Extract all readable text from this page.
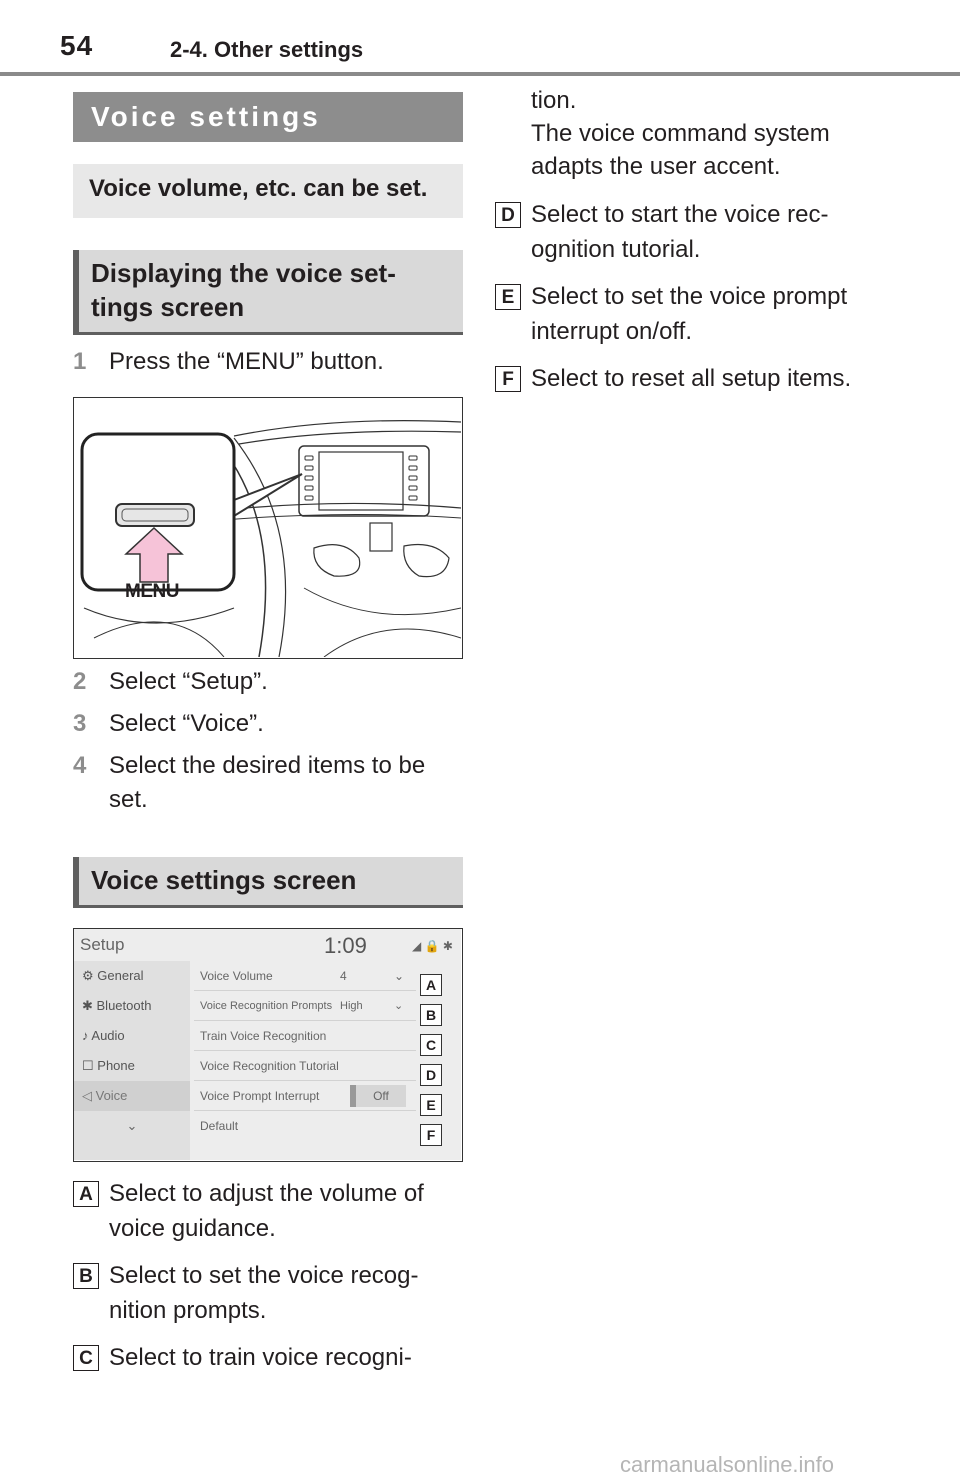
54	2-4. Other settings
Voice settings
Voice volume, etc. can be set.
Displaying the voice set-
tings screen
1 Press the “MENU” button.
MENU
2 Select “Setup”.
3 Select “Voice”.
4 Select the desired items to be set.
Voice settings screen
Setup	1:09	◢ 🔒 ✱
⚙ General
✱ Bluetooth
♪ Audio
☐ Phone
◁ Voice
⌄
Voice Volume	4	⌄
Voice Recognition Prompts High	⌄
Train Voice Recognition
Voice Recognition Tutorial
Voice Prompt Interrupt	Off
Default
A
B
C
D
E
F
A Select to adjust the volume of voice guidance.
B Select to set the voice recog- nition prompts.
C Select to train voice recogni-
tion.
The voice command system adapts the user accent.
D Select to start the voice rec- ognition tutorial.
E Select to set the voice prompt interrupt on/off.
F Select to reset all setup items.
carmanualsonline.info
